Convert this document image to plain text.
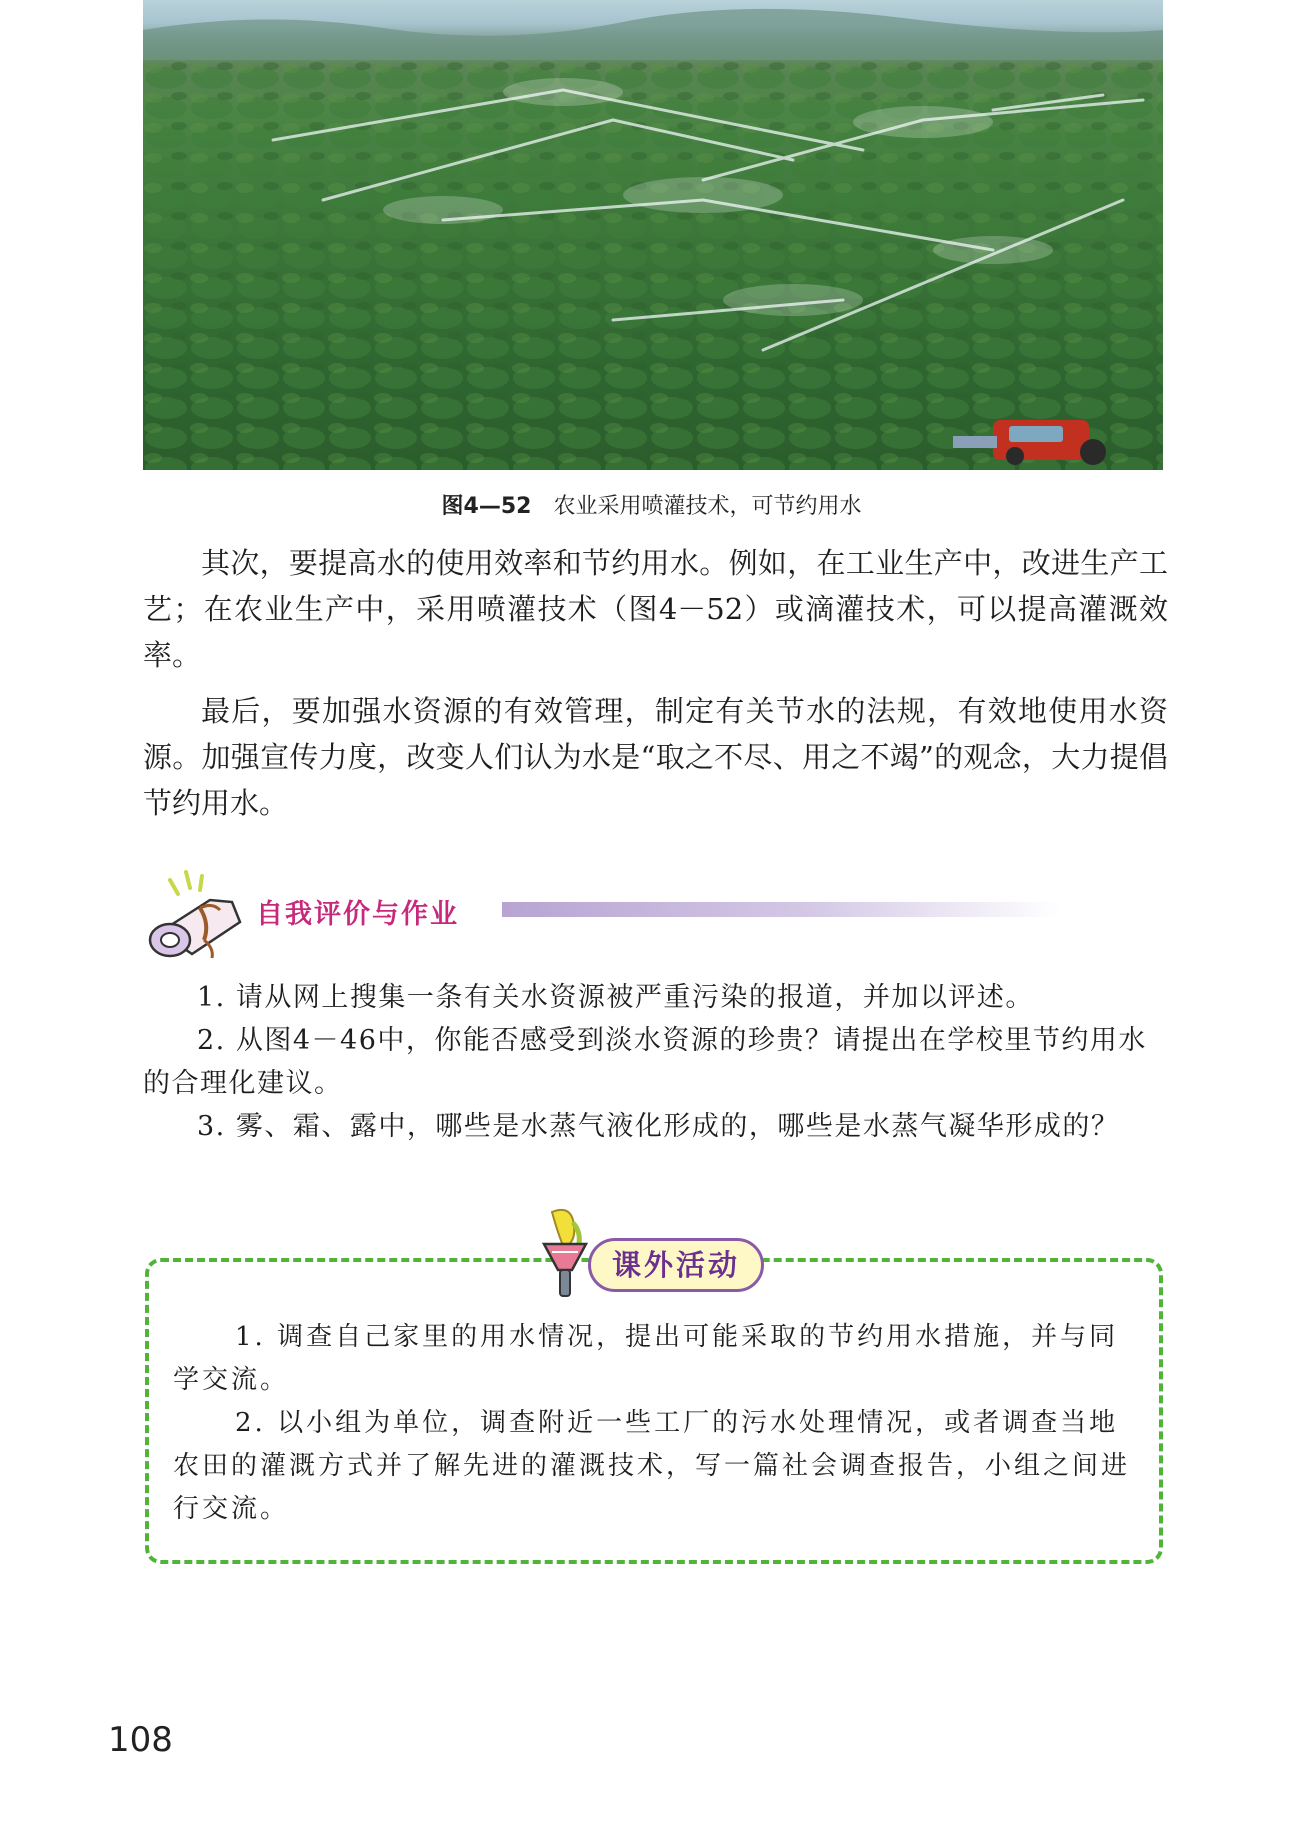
图4—52 农业采用喷灌技术，可节约用水

其次，要提高水的使用效率和节约用水。例如，在工业生产中，改进生产工艺；在农业生产中，采用喷灌技术（图4－52）或滴灌技术，可以提高灌溉效率。

最后，要加强水资源的有效管理，制定有关节水的法规，有效地使用水资源。加强宣传力度，改变人们认为水是“取之不尽、用之不竭”的观念，大力提倡节约用水。

自我评价与作业

1. 请从网上搜集一条有关水资源被严重污染的报道，并加以评述。

2. 从图4－46中，你能否感受到淡水资源的珍贵？请提出在学校里节约用水的合理化建议。

3. 雾、霜、露中，哪些是水蒸气液化形成的，哪些是水蒸气凝华形成的？

课外活动

1. 调查自己家里的用水情况，提出可能采取的节约用水措施，并与同学交流。

2. 以小组为单位，调查附近一些工厂的污水处理情况，或者调查当地农田的灌溉方式并了解先进的灌溉技术，写一篇社会调查报告，小组之间进行交流。

108
